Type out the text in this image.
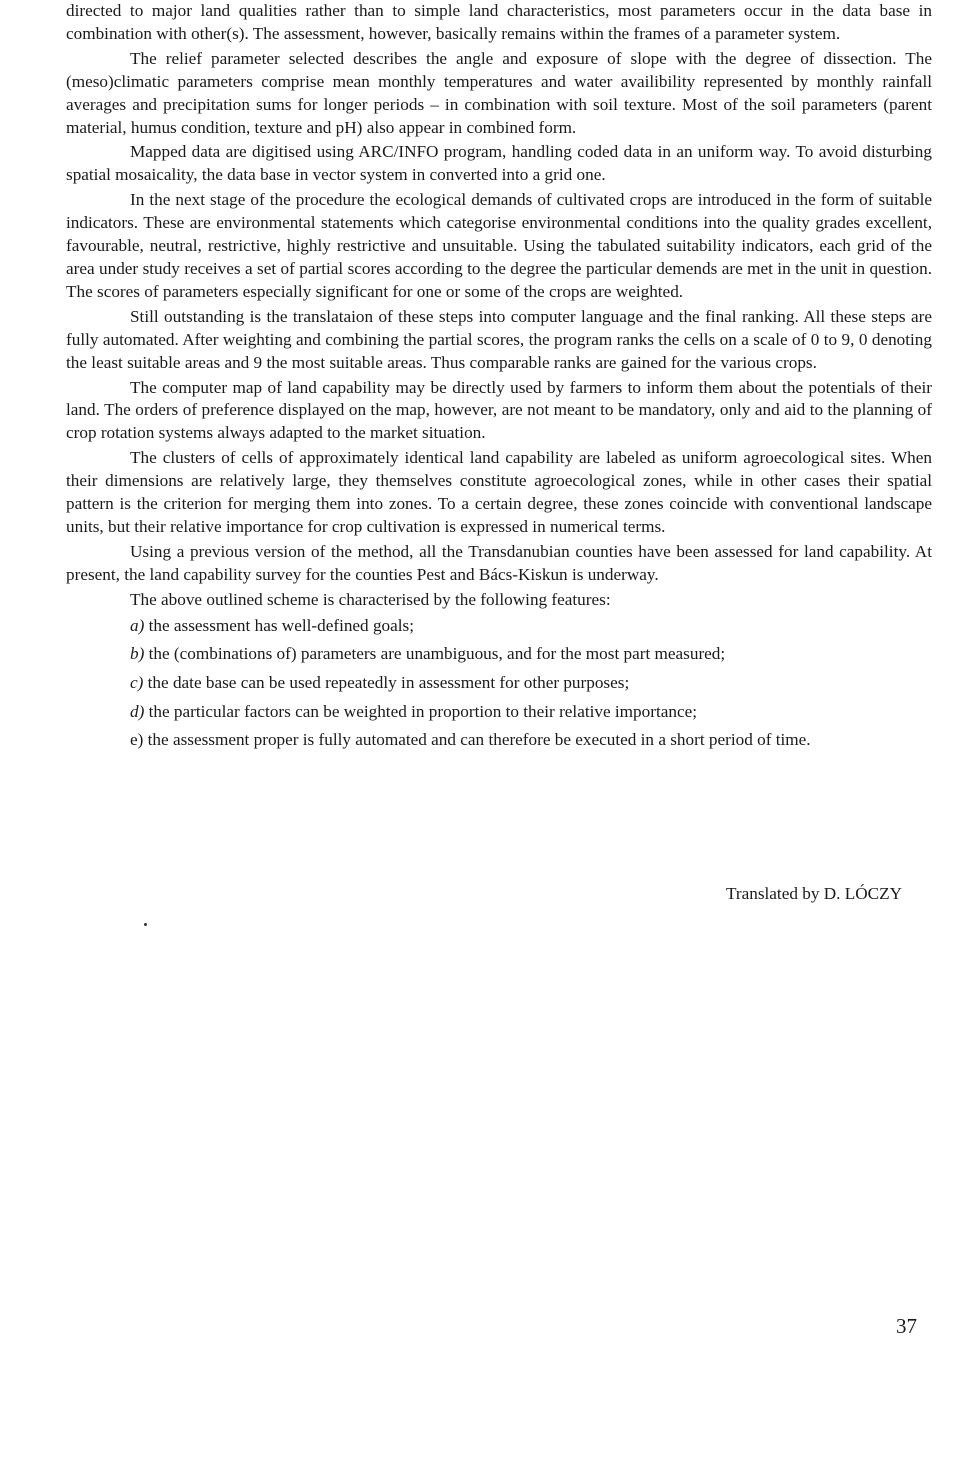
directed to major land qualities rather than to simple land characteristics, most parameters occur in the data base in combination with other(s). The assessment, however, basically remains within the frames of a parameter system.

The relief parameter selected describes the angle and exposure of slope with the degree of dissection. The (meso)climatic parameters comprise mean monthly temperatures and water availibility represented by monthly rainfall averages and precipitation sums for longer periods – in combination with soil texture. Most of the soil parameters (parent material, humus condition, texture and pH) also appear in combined form.

Mapped data are digitised using ARC/INFO program, handling coded data in an uniform way. To avoid disturbing spatial mosaicality, the data base in vector system in converted into a grid one.

In the next stage of the procedure the ecological demands of cultivated crops are introduced in the form of suitable indicators. These are environmental statements which categorise environmental conditions into the quality grades excellent, favourable, neutral, restrictive, highly restrictive and unsuitable. Using the tabulated suitability indicators, each grid of the area under study receives a set of partial scores according to the degree the particular demends are met in the unit in question. The scores of parameters especially significant for one or some of the crops are weighted.

Still outstanding is the translataion of these steps into computer language and the final ranking. All these steps are fully automated. After weighting and combining the partial scores, the program ranks the cells on a scale of 0 to 9, 0 denoting the least suitable areas and 9 the most suitable areas. Thus comparable ranks are gained for the various crops.

The computer map of land capability may be directly used by farmers to inform them about the potentials of their land. The orders of preference displayed on the map, however, are not meant to be mandatory, only and aid to the planning of crop rotation systems always adapted to the market situation.

The clusters of cells of approximately identical land capability are labeled as uniform agroecological sites. When their dimensions are relatively large, they themselves constitute agroecological zones, while in other cases their spatial pattern is the criterion for merging them into zones. To a certain degree, these zones coincide with conventional landscape units, but their relative importance for crop cultivation is expressed in numerical terms.

Using a previous version of the method, all the Transdanubian counties have been assessed for land capability. At present, the land capability survey for the counties Pest and Bács-Kiskun is underway.

The above outlined scheme is characterised by the following features:

a) the assessment has well-defined goals;
b) the (combinations of) parameters are unambiguous, and for the most part measured;
c) the date base can be used repeatedly in assessment for other purposes;
d) the particular factors can be weighted in proportion to their relative importance;
e) the assessment proper is fully automated and can therefore be executed in a short period of time.
Translated by D. LÓCZY
37
